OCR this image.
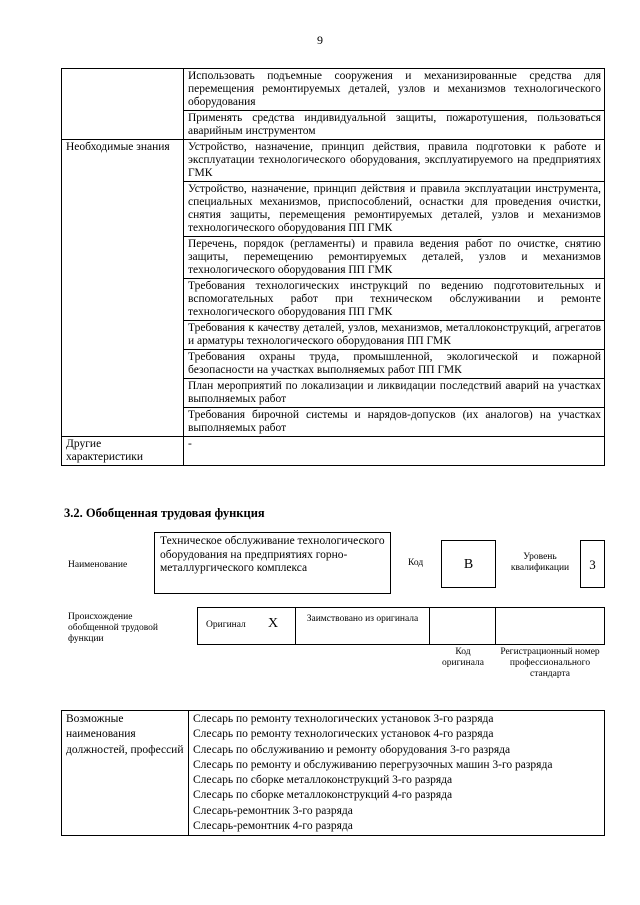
9
	Использовать подъемные сооружения и механизированные средства для перемещения ремонтируемых деталей, узлов и механизмов технологического оборудования
	Применять средства индивидуальной защиты, пожаротушения, пользоваться аварийным инструментом
Необходимые знания	Устройство, назначение, принцип действия, правила подготовки к работе и эксплуатации технологического оборудования, эксплуатируемого на предприятиях ГМК
	Устройство, назначение, принцип действия и правила эксплуатации инструмента, специальных механизмов, приспособлений, оснастки для проведения очистки, снятия защиты, перемещения ремонтируемых деталей, узлов и механизмов технологического оборудования ПП ГМК
	Перечень, порядок (регламенты) и правила ведения работ по очистке, снятию защиты, перемещению ремонтируемых деталей, узлов и механизмов технологического оборудования ПП ГМК
	Требования технологических инструкций по ведению подготовительных и вспомогательных работ при техническом обслуживании и ремонте технологического оборудования ПП ГМК
	Требования к качеству деталей, узлов, механизмов, металлоконструкций, агрегатов и арматуры технологического оборудования ПП ГМК
	Требования охраны труда, промышленной, экологической и пожарной безопасности на участках выполняемых работ ПП ГМК
	План мероприятий по локализации и ликвидации последствий аварий на участках выполняемых работ
	Требования бирочной системы и нарядов-допусков (их аналогов) на участках выполняемых работ
Другие характеристики	-
3.2. Обобщенная трудовая функция
Наименование
Техническое обслуживание технологического оборудования на предприятиях горно-металлургического комплекса	Код	B	Уровень квалификации	3
Происхождение обобщенной трудовой функции
Оригинал X	Заимствовано из оригинала
Код оригинала
Регистрационный номер профессионального стандарта
Возможные наименования должностей, профессий	
Слесарь по ремонту технологических установок 3-го разряда
Слесарь по ремонту технологических установок 4-го разряда
Слесарь по обслуживанию и ремонту оборудования 3-го разряда
Слесарь по ремонту и обслуживанию перегрузочных машин 3-го разряда
Слесарь по сборке металлоконструкций 3-го разряда
Слесарь по сборке металлоконструкций 4-го разряда
Слесарь-ремонтник 3-го разряда
Слесарь-ремонтник 4-го разряда
